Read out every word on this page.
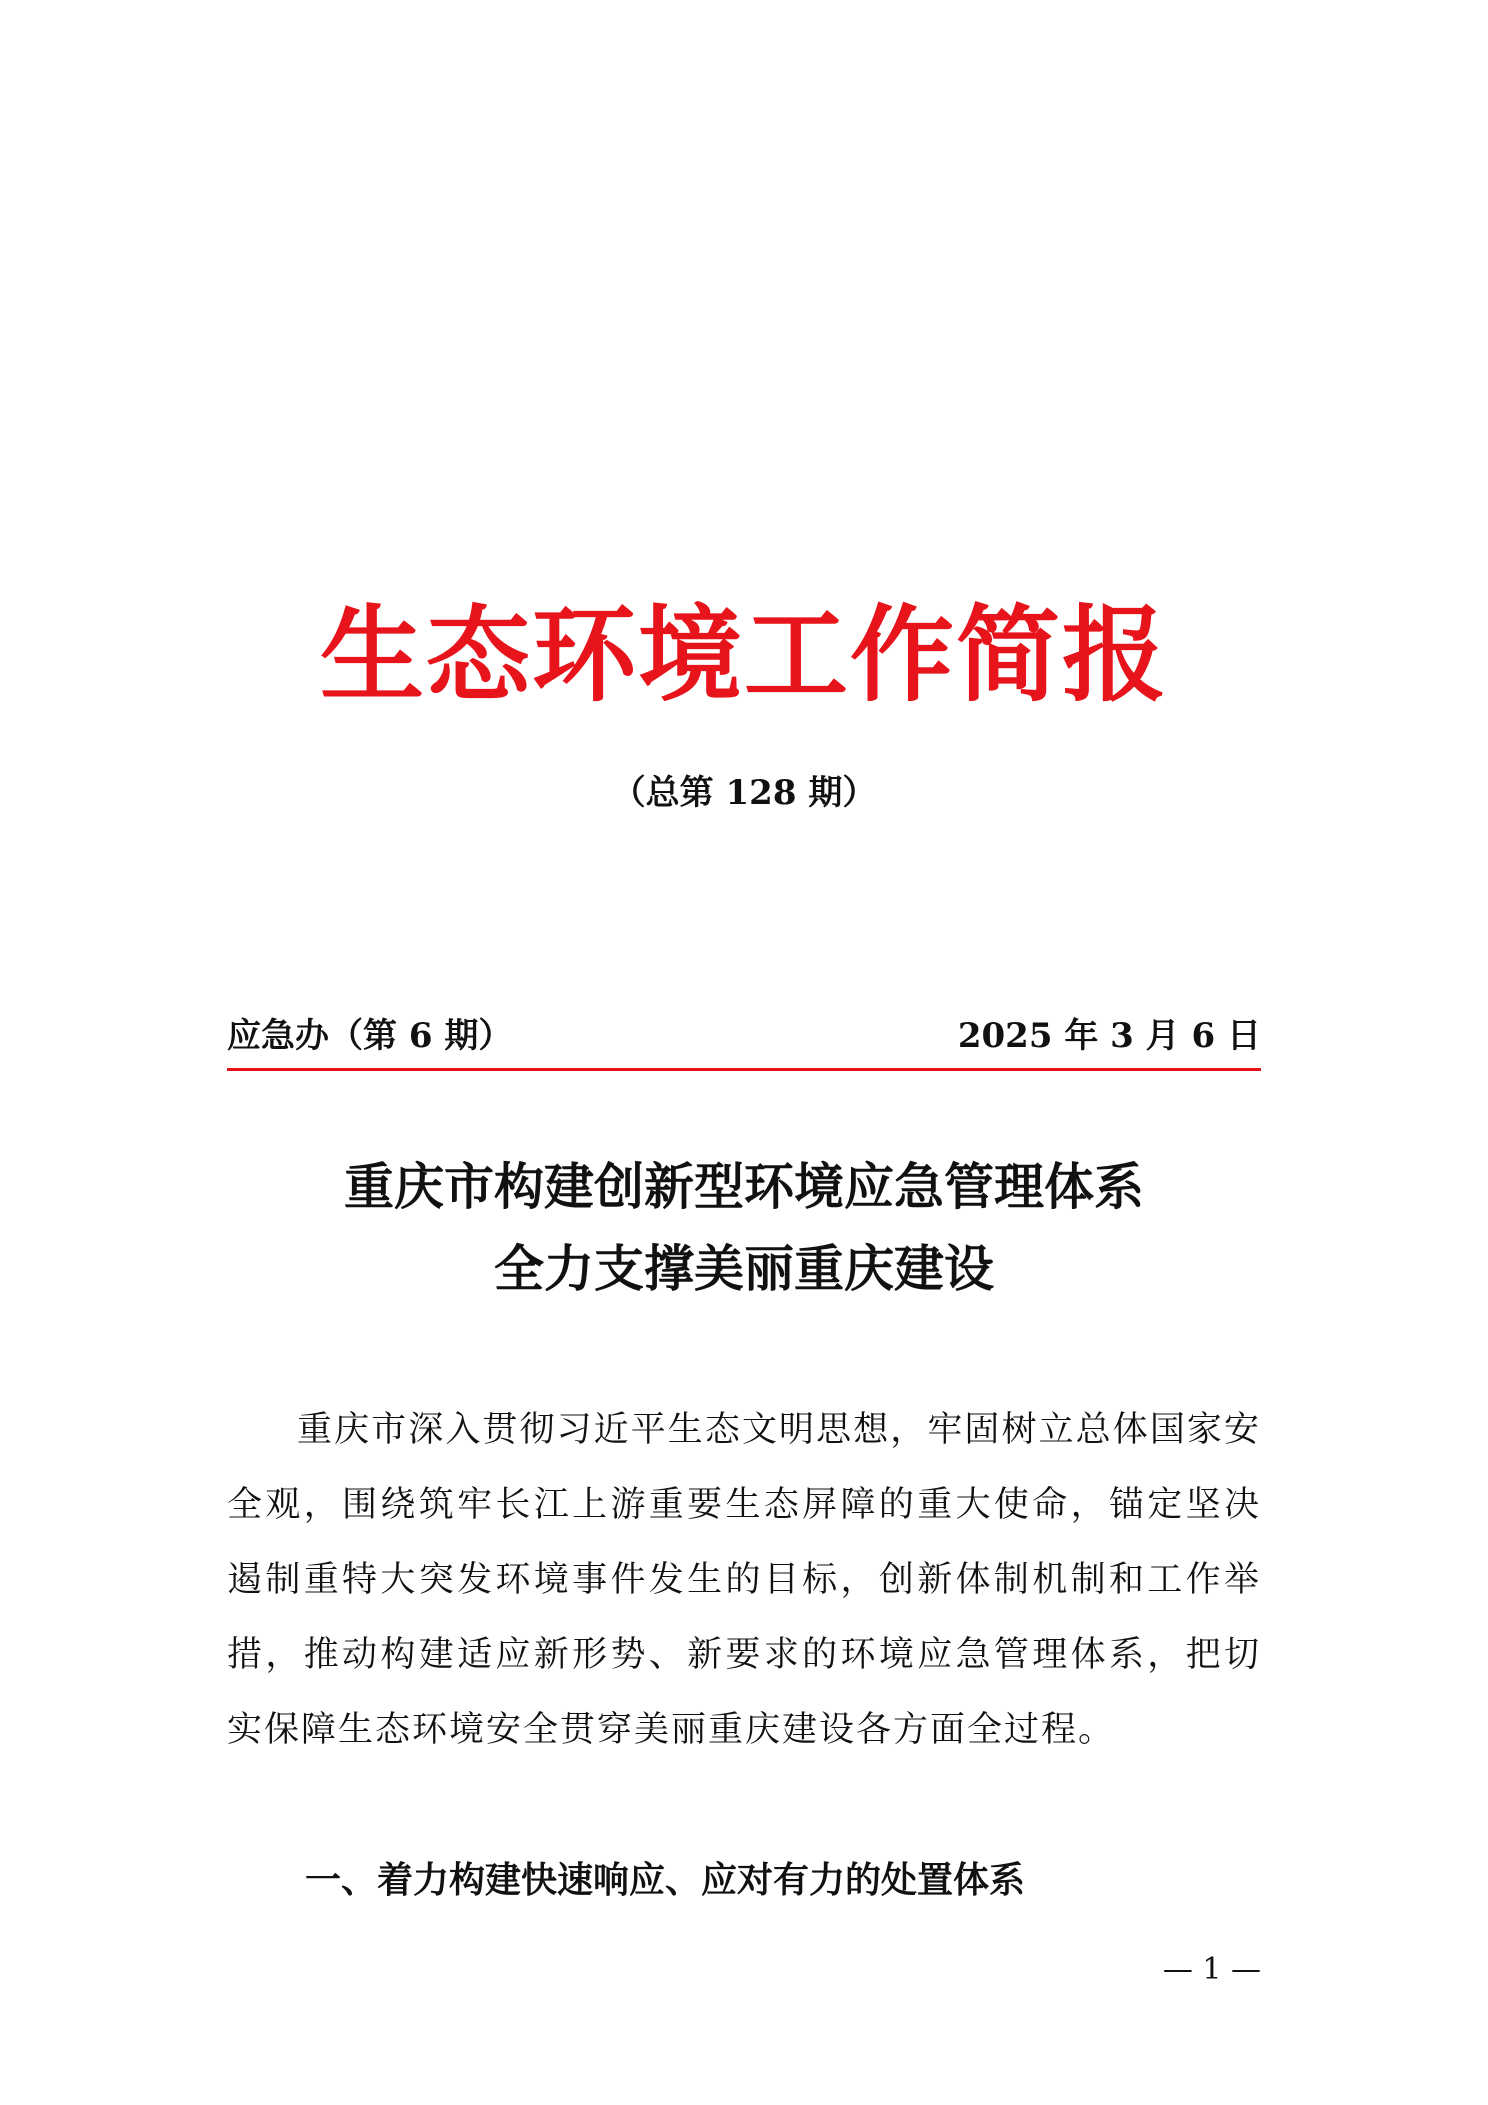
生态环境工作简报
（总第 128 期）
应急办（第 6 期）	2025 年 3 月 6 日
重庆市构建创新型环境应急管理体系
全力支撑美丽重庆建设

重庆市深入贯彻习近平生态文明思想，牢固树立总体国家安全观，围绕筑牢长江上游重要生态屏障的重大使命，锚定坚决遏制重特大突发环境事件发生的目标，创新体制机制和工作举措，推动构建适应新形势、新要求的环境应急管理体系，把切实保障生态环境安全贯穿美丽重庆建设各方面全过程。

一、着力构建快速响应、应对有力的处置体系
— 1 —
